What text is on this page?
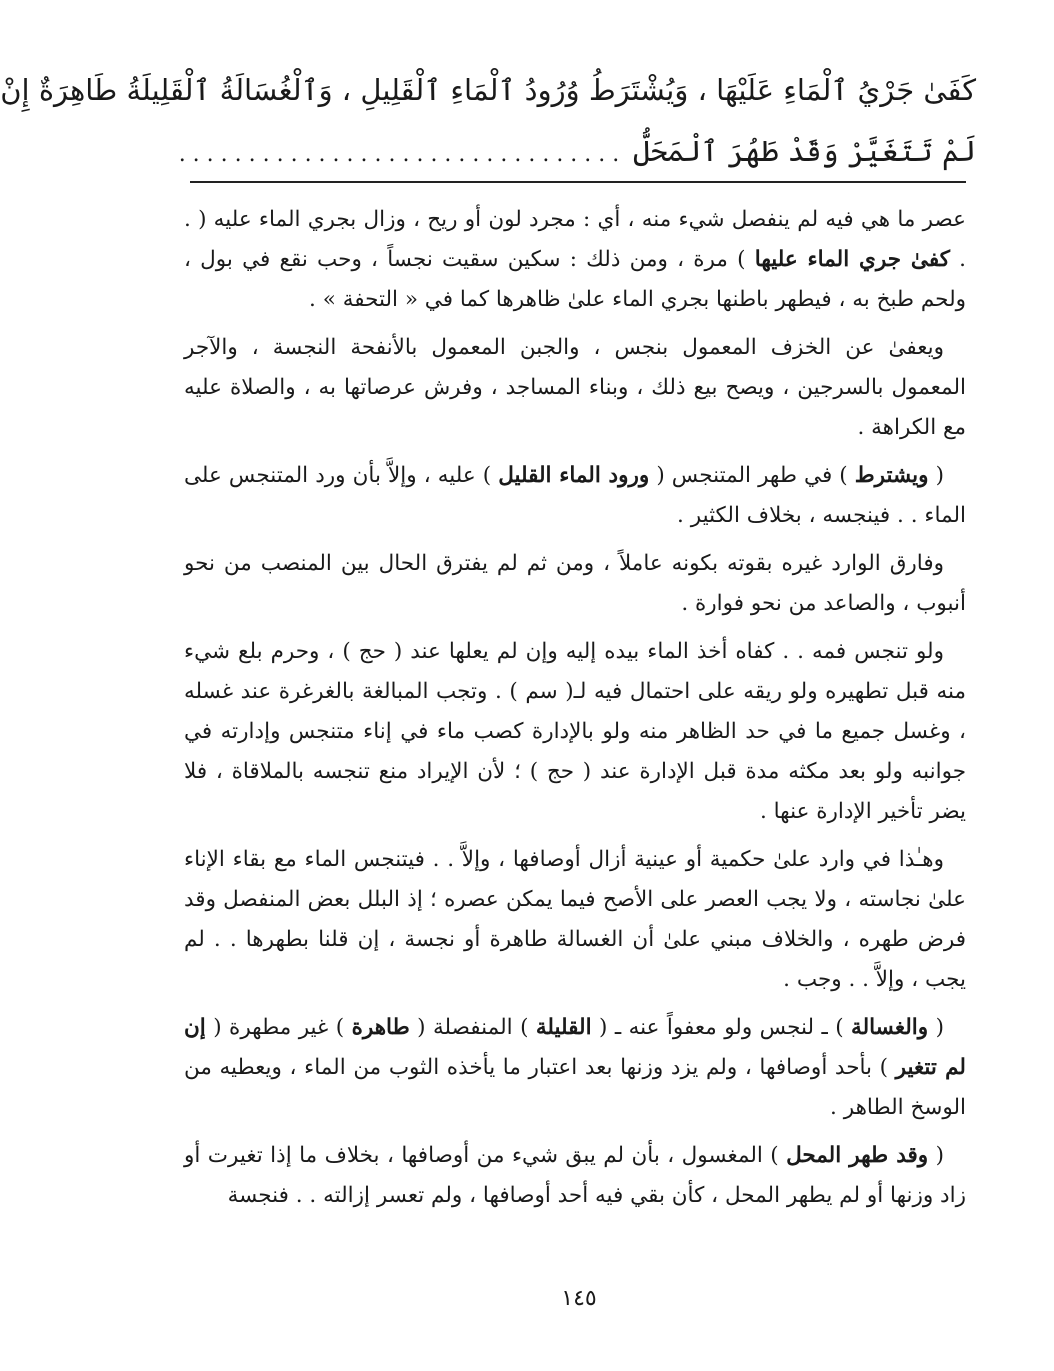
كَفَىٰ جَرْيُ ٱلْمَاءِ عَلَيْهَا ، وَيُشْتَرَطُ وُرُودُ ٱلْمَاءِ ٱلْقَلِيلِ ، وَٱلْغُسَالَةُ ٱلْقَلِيلَةُ طَاهِرَةٌ إِنْ
لَمْ تَتَغَيَّرْ وَقَدْ طَهُرَ ٱلْمَحَلُّ. . . . . . . . . . . . . . . . . . . . . . . . . . . . . . . .

عصر ما هي فيه لم ينفصل شيء منه ، أي : مجرد لون أو ريح ، وزال بجري الماء عليه ( . . كفىٰ جري الماء عليها ) مرة ، ومن ذلك : سكين سقيت نجساً ، وحب نقع في بول ، ولحم طبخ به ، فيطهر باطنها بجري الماء علىٰ ظاهرها كما في « التحفة » .

ويعفىٰ عن الخزف المعمول بنجس ، والجبن المعمول بالأنفحة النجسة ، والآجر المعمول بالسرجين ، ويصح بيع ذلك ، وبناء المساجد ، وفرش عرصاتها به ، والصلاة عليه مع الكراهة .

( ويشترط ) في طهر المتنجس ( ورود الماء القليل ) عليه ، وإلاَّ بأن ورد المتنجس على الماء . . فينجسه ، بخلاف الكثير .

وفارق الوارد غيره بقوته بكونه عاملاً ، ومن ثم لم يفترق الحال بين المنصب من نحو أنبوب ، والصاعد من نحو فوارة .

ولو تنجس فمه . . كفاه أخذ الماء بيده إليه وإن لم يعلها عند ( حج ) ، وحرم بلع شيء منه قبل تطهيره ولو ريقه على احتمال فيه لـ( سم ) . وتجب المبالغة بالغرغرة عند غسله ، وغسل جميع ما في حد الظاهر منه ولو بالإدارة كصب ماء في إناء متنجس وإدارته في جوانبه ولو بعد مكثه مدة قبل الإدارة عند ( حج ) ؛ لأن الإيراد منع تنجسه بالملاقاة ، فلا يضر تأخير الإدارة عنها .

وهـٰذا في وارد علىٰ حكمية أو عينية أزال أوصافها ، وإلاَّ . . فيتنجس الماء مع بقاء الإناء علىٰ نجاسته ، ولا يجب العصر على الأصح فيما يمكن عصره ؛ إذ البلل بعض المنفصل وقد فرض طهره ، والخلاف مبني علىٰ أن الغسالة طاهرة أو نجسة ، إن قلنا بطهرها . . لم يجب ، وإلاَّ . . وجب .

( والغسالة ) ـ لنجس ولو معفواً عنه ـ ( القليلة ) المنفصلة ( طاهرة ) غير مطهرة ( إن لم تتغير ) بأحد أوصافها ، ولم يزد وزنها بعد اعتبار ما يأخذه الثوب من الماء ، ويعطيه من الوسخ الطاهر .

( وقد طهر المحل ) المغسول ، بأن لم يبق شيء من أوصافها ، بخلاف ما إذا تغيرت أو زاد وزنها أو لم يطهر المحل ، كأن بقي فيه أحد أوصافها ، ولم تعسر إزالته . . فنجسة

١٤٥
